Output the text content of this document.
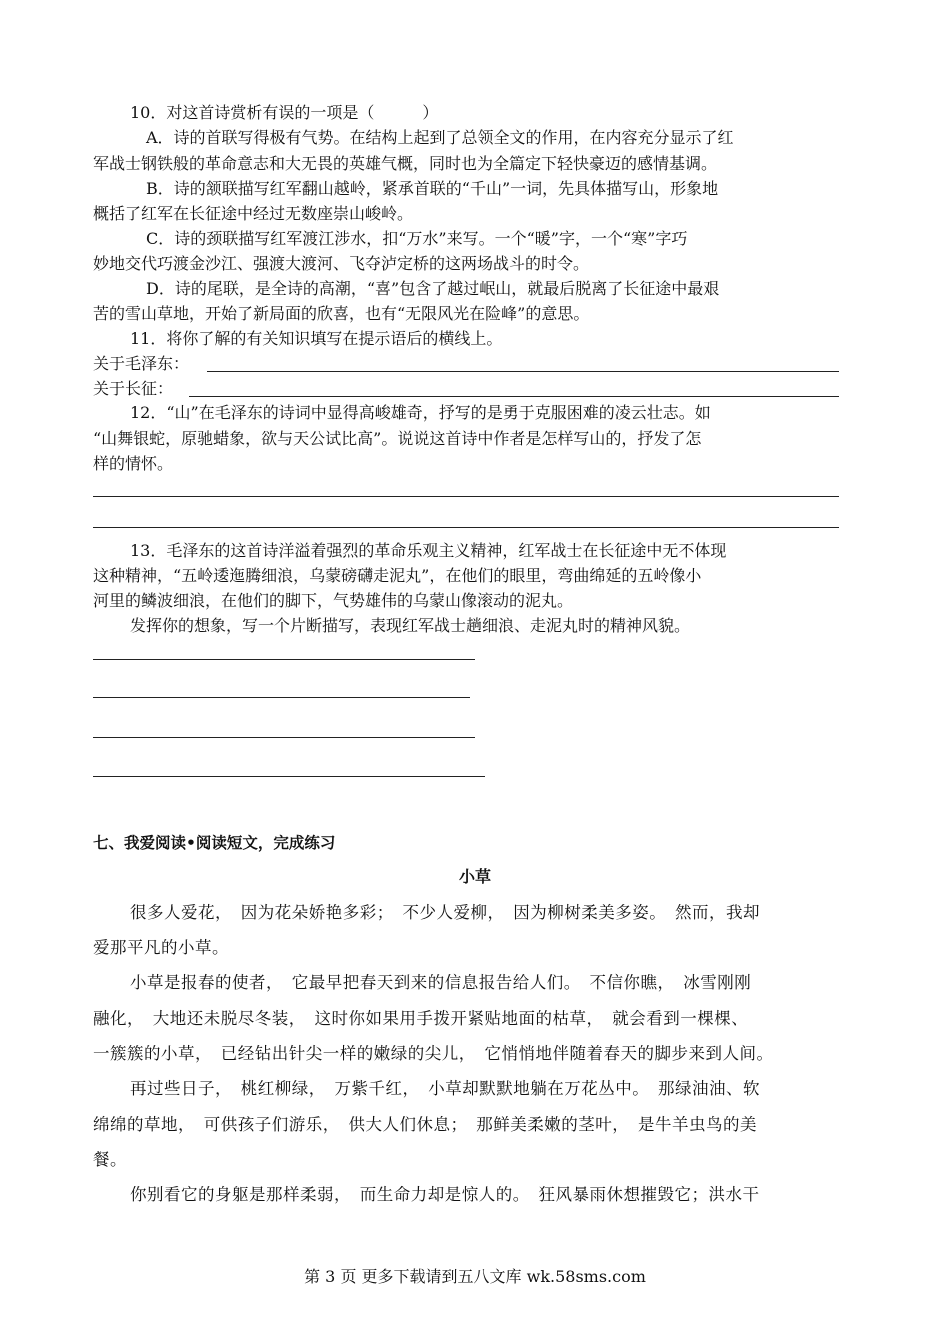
10．对这首诗赏析有误的一项是（　　　）
A．诗的首联写得极有气势。在结构上起到了总领全文的作用，在内容充分显示了红
军战士钢铁般的革命意志和大无畏的英雄气概，同时也为全篇定下轻快豪迈的感情基调。
B．诗的颔联描写红军翻山越岭，紧承首联的“千山”一词，先具体描写山，形象地
概括了红军在长征途中经过无数座崇山峻岭。
C．诗的颈联描写红军渡江涉水，扣“万水”来写。一个“暖”字，一个“寒”字巧
妙地交代巧渡金沙江、强渡大渡河、飞夺泸定桥的这两场战斗的时令。
D．诗的尾联，是全诗的高潮，“喜”包含了越过岷山，就最后脱离了长征途中最艰
苦的雪山草地，开始了新局面的欣喜，也有“无限风光在险峰”的意思。
11．将你了解的有关知识填写在提示语后的横线上。
关于毛泽东：
关于长征：
12．“山”在毛泽东的诗词中显得高峻雄奇，抒写的是勇于克服困难的凌云壮志。如
“山舞银蛇，原驰蜡象，欲与天公试比高”。说说这首诗中作者是怎样写山的，抒发了怎
样的情怀。
13．毛泽东的这首诗洋溢着强烈的革命乐观主义精神，红军战士在长征途中无不体现
这种精神，“五岭逶迤腾细浪，乌蒙磅礴走泥丸”，在他们的眼里，弯曲绵延的五岭像小
河里的鳞波细浪，在他们的脚下，气势雄伟的乌蒙山像滚动的泥丸。
发挥你的想象，写一个片断描写，表现红军战士趟细浪、走泥丸时的精神风貌。
七、我爱阅读•阅读短文，完成练习
小草
很多人爱花，　因为花朵娇艳多彩；　不少人爱柳，　因为柳树柔美多姿。　然而，我却
爱那平凡的小草。
小草是报春的使者，　它最早把春天到来的信息报告给人们。　不信你瞧，　冰雪刚刚
融化，　大地还未脱尽冬装，　这时你如果用手拨开紧贴地面的枯草，　就会看到一棵棵、
一簇簇的小草，　已经钻出针尖一样的嫩绿的尖儿，　它悄悄地伴随着春天的脚步来到人间。
再过些日子，　桃红柳绿，　万紫千红，　小草却默默地躺在万花丛中。　那绿油油、软
绵绵的草地，　可供孩子们游乐，　供大人们休息；　那鲜美柔嫩的茎叶，　是牛羊虫鸟的美
餐。
你别看它的身躯是那样柔弱，　而生命力却是惊人的。　狂风暴雨休想摧毁它；洪水干
第 3 页 更多下载请到五八文库 wk.58sms.com
